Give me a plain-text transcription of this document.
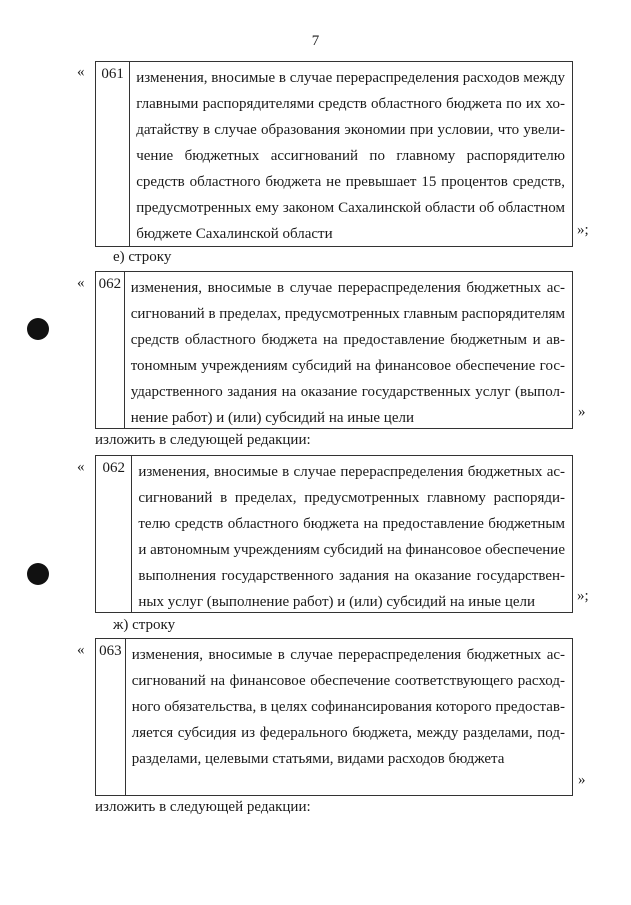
7
«	061 изменения, вносимые в случае перераспределения расходов между
главными распорядителями средств областного бюджета по их хо-
датайству в случае образования экономии при условии, что увели-
чение бюджетных ассигнований по главному распорядителю
средств областного бюджета не превышает 15 процентов средств,
предусмотренных ему законом Сахалинской области об областном
бюджете Сахалинской области	»;
е) строку
« 062 изменения, вносимые в случае перераспределения бюджетных ас-
сигнований в пределах, предусмотренных главным распорядителям
средств областного бюджета на предоставление бюджетным и ав-
тономным учреждениям субсидий на финансовое обеспечение гос-
ударственного задания на оказание государственных услуг (выпол-
нение работ) и (или) субсидий на иные цели	»
изложить в следующей редакции:
«	062 изменения, вносимые в случае перераспределения бюджетных ас-
сигнований в пределах, предусмотренных главному распоряди-
телю средств областного бюджета на предоставление бюджетным
и автономным учреждениям субсидий на финансовое обеспечение
выполнения государственного задания на оказание государствен-
ных услуг (выполнение работ) и (или) субсидий на иные цели	»;
ж) строку
« 063 изменения, вносимые в случае перераспределения бюджетных ас-
сигнований на финансовое обеспечение соответствующего расход-
ного обязательства, в целях софинансирования которого предостав-
ляется субсидия из федерального бюджета, между разделами, под-
разделами, целевыми статьями, видами расходов бюджета
»
изложить в следующей редакции:
